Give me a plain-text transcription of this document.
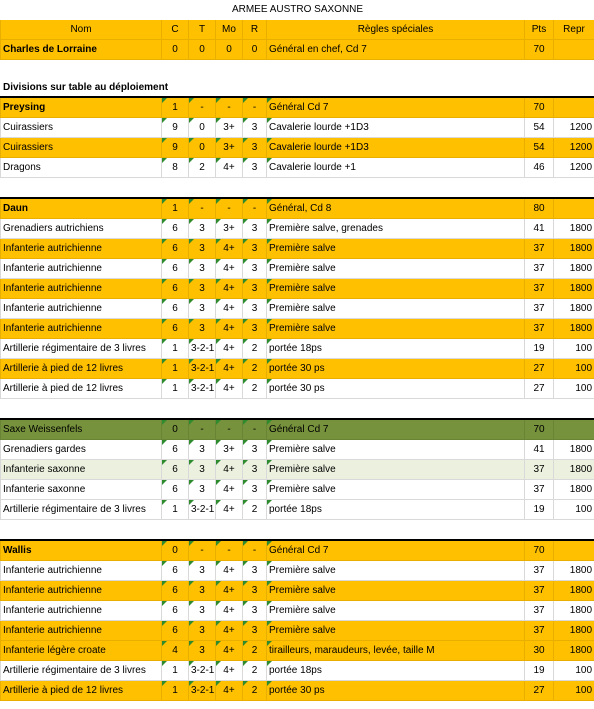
ARMEE AUSTRO SAXONNE							
Nom	C	T	Mo	R	Règles spéciales	Pts	Repr
Charles de Lorraine	0	0	0	0	Général en chef, Cd 7	70	

Divisions sur table au déploiement							
Preysing	1	-	-	-	Général Cd 7	70	
Cuirassiers	9	0	3+	3	Cavalerie lourde +1D3	54	1200
Cuirassiers	9	0	3+	3	Cavalerie lourde +1D3	54	1200
Dragons	8	2	4+	3	Cavalerie lourde +1	46	1200

Daun	1	-	-	-	Général, Cd 8	80	
Grenadiers autrichiens	6	3	3+	3	Première salve, grenades	41	1800
Infanterie autrichienne	6	3	4+	3	Première salve	37	1800
Infanterie autrichienne	6	3	4+	3	Première salve	37	1800
Infanterie autrichienne	6	3	4+	3	Première salve	37	1800
Infanterie autrichienne	6	3	4+	3	Première salve	37	1800
Infanterie autrichienne	6	3	4+	3	Première salve	37	1800
Artillerie régimentaire de 3 livres	1	3-2-1	4+	2	portée 18ps	19	100
Artillerie à pied de 12 livres	1	3-2-1	4+	2	portée 30 ps	27	100
Artillerie à pied de 12 livres	1	3-2-1	4+	2	portée 30 ps	27	100

Saxe Weissenfels	0	-	-	-	Général Cd 7	70	
Grenadiers gardes	6	3	3+	3	Première salve	41	1800
Infanterie saxonne	6	3	4+	3	Première salve	37	1800
Infanterie saxonne	6	3	4+	3	Première salve	37	1800
Artillerie régimentaire de 3 livres	1	3-2-1	4+	2	portée 18ps	19	100

Wallis	0	-	-	-	Général Cd 7	70	
Infanterie autrichienne	6	3	4+	3	Première salve	37	1800
Infanterie autrichienne	6	3	4+	3	Première salve	37	1800
Infanterie autrichienne	6	3	4+	3	Première salve	37	1800
Infanterie autrichienne	6	3	4+	3	Première salve	37	1800
Infanterie légère croate	4	3	4+	2	tirailleurs, maraudeurs, levée, taille M	30	1800
Artillerie régimentaire de 3 livres	1	3-2-1	4+	2	portée 18ps	19	100
Artillerie à pied de 12 livres	1	3-2-1	4+	2	portée 30 ps	27	100
